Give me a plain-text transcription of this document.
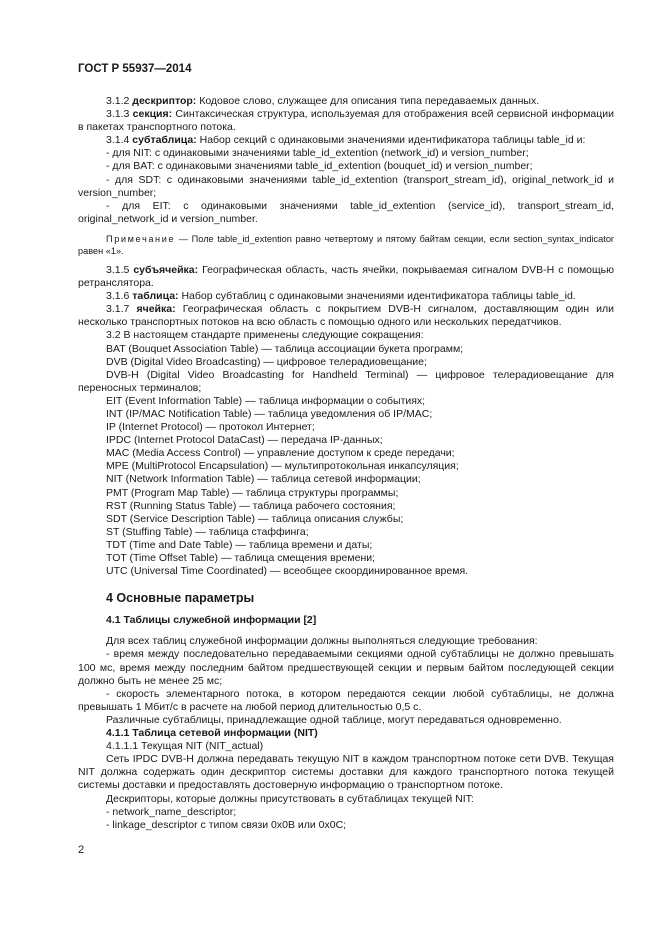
ГОСТ Р 55937—2014

3.1.2 дескриптор: Кодовое слово, служащее для описания типа передаваемых данных.

3.1.3 секция: Синтаксическая структура, используемая для отображения всей сервисной информации в пакетах транспортного потока.

3.1.4 субтаблица: Набор секций с одинаковыми значениями идентификатора таблицы table_id и:

- для NIT: с одинаковыми значениями table_id_extention (network_id) и version_number;

- для BAT: с одинаковыми значениями table_id_extention (bouquet_id) и version_number;

- для SDT: с одинаковыми значениями table_id_extention (transport_stream_id), original_network_id и version_number;

- для EIT: с одинаковыми значениями table_id_extention (service_id), transport_stream_id, original_network_id и version_number.

Примечание — Поле table_id_extention равно четвертому и пятому байтам секции, если section_syntax_indicator равен «1».

3.1.5 субъячейка: Географическая область, часть ячейки, покрываемая сигналом DVB-H с помощью ретранслятора.

3.1.6 таблица: Набор субтаблиц с одинаковыми значениями идентификатора таблицы table_id.

3.1.7 ячейка: Географическая область с покрытием DVB-H сигналом, доставляющим один или несколько транспортных потоков на всю область с помощью одного или нескольких передатчиков.

3.2 В настоящем стандарте применены следующие сокращения:

BAT (Bouquet Association Table) — таблица ассоциации букета программ;

DVB (Digital Video Broadcasting) — цифровое телерадиовещание;

DVB-H (Digital Video Broadcasting for Handheld Terminal) — цифровое телерадиовещание для переносных терминалов;

EIT (Event Information Table) — таблица информации о событиях;

INT (IP/MAC Notification Table) — таблица уведомления об IP/MAC;

IP (Internet Protocol) — протокол Интернет;

IPDC (Internet Protocol DataCast) — передача IP-данных;

MAC (Media Access Control) — управление доступом к среде передачи;

MPE (MultiProtocol Encapsulation) — мультипротокольная инкапсуляция;

NIT (Network Information Table) — таблица сетевой информации;

PMT (Program Map Table) — таблица структуры программы;

RST (Running Status Table) — таблица рабочего состояния;

SDT (Service Description Table) — таблица описания службы;

ST (Stuffing Table) — таблица стаффинга;

TDT (Time and Date Table) — таблица времени и даты;

TOT (Time Offset Table) — таблица смещения времени;

UTC (Universal Time Coordinated) — всеобщее скоординированное время.

4 Основные параметры

4.1 Таблицы служебной информации [2]

Для всех таблиц служебной информации должны выполняться следующие требования:

- время между последовательно передаваемыми секциями одной субтаблицы не должно превышать 100 мс, время между последним байтом предшествующей секции и первым байтом последующей секции должно быть не менее 25 мс;

- скорость элементарного потока, в котором передаются секции любой субтаблицы, не должна превышать 1 Мбит/с в расчете на любой период длительностью 0,5 с.

Различные субтаблицы, принадлежащие одной таблице, могут передаваться одновременно.

4.1.1 Таблица сетевой информации (NIT)

4.1.1.1 Текущая NIT (NIT_actual)

Сеть IPDC DVB-H должна передавать текущую NIT в каждом транспортном потоке сети DVB. Текущая NIT должна содержать один дескриптор системы доставки для каждого транспортного потока текущей системы доставки и предоставлять достоверную информацию о транспортном потоке.

Дескрипторы, которые должны присутствовать в субтаблицах текущей NIT:

- network_name_descriptor;

- linkage_descriptor с типом связи 0x0B или 0x0C;

2
